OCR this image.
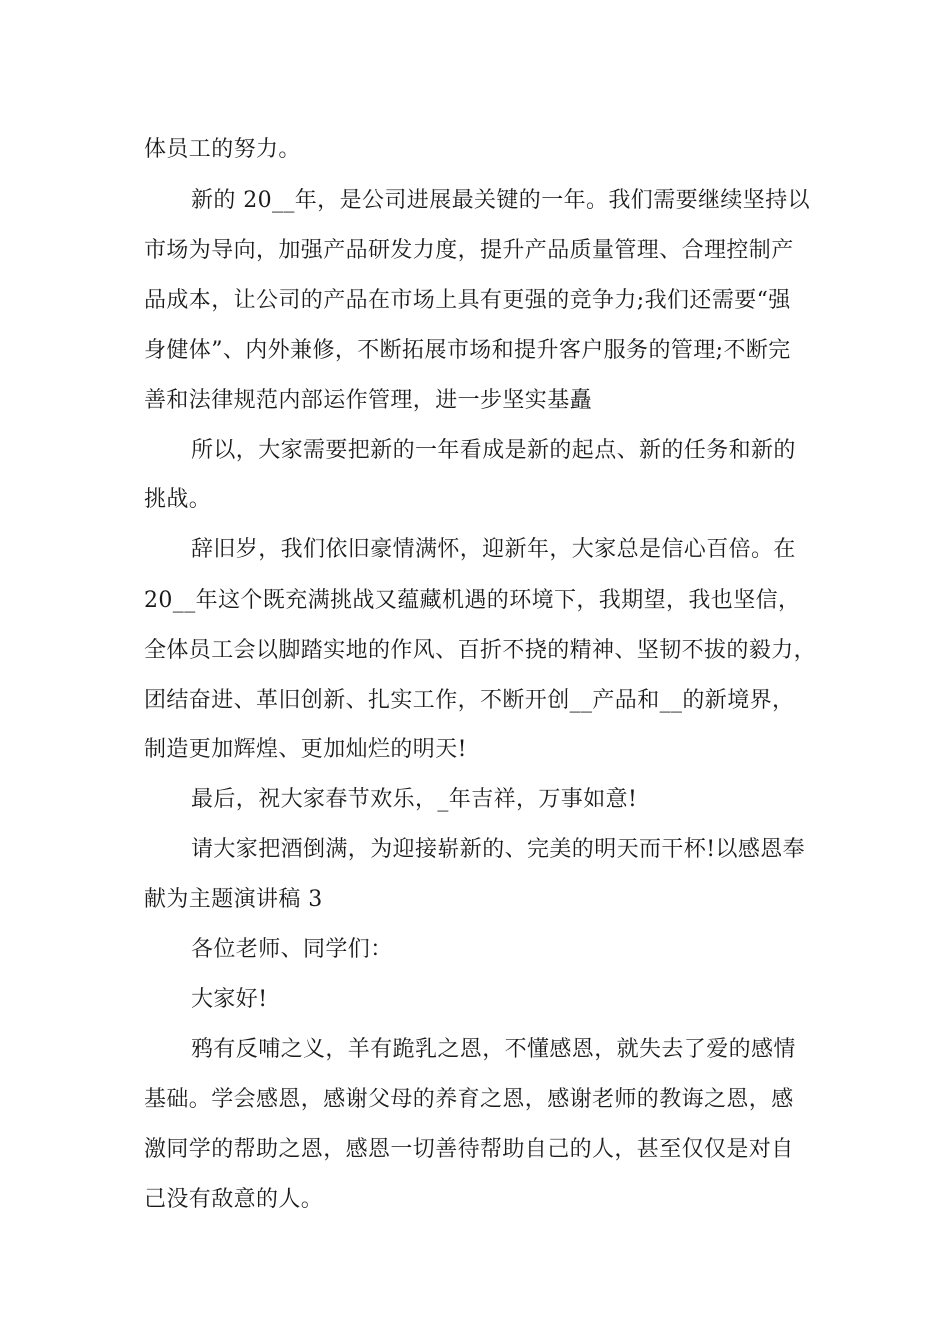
体员工的努力。

新的 20__年，是公司进展最关键的一年。我们需要继续坚持以

市场为导向，加强产品研发力度，提升产品质量管理、合理控制产

品成本，让公司的产品在市场上具有更强的竞争力;我们还需要“强

身健体”、内外兼修，不断拓展市场和提升客户服务的管理;不断完

善和法律规范内部运作管理，进一步坚实基矗

所以，大家需要把新的一年看成是新的起点、新的任务和新的

挑战。

辞旧岁，我们依旧豪情满怀，迎新年，大家总是信心百倍。在

20__年这个既充满挑战又蕴藏机遇的环境下，我期望，我也坚信，

全体员工会以脚踏实地的作风、百折不挠的精神、坚韧不拔的毅力，

团结奋进、革旧创新、扎实工作，不断开创__产品和__的新境界，

制造更加辉煌、更加灿烂的明天!

最后，祝大家春节欢乐，_年吉祥，万事如意!

请大家把酒倒满，为迎接崭新的、完美的明天而干杯!以感恩奉

献为主题演讲稿 3

各位老师、同学们：

大家好!

鸦有反哺之义，羊有跪乳之恩，不懂感恩，就失去了爱的感情

基础。学会感恩，感谢父母的养育之恩，感谢老师的教诲之恩，感

激同学的帮助之恩，感恩一切善待帮助自己的人，甚至仅仅是对自

己没有敌意的人。
